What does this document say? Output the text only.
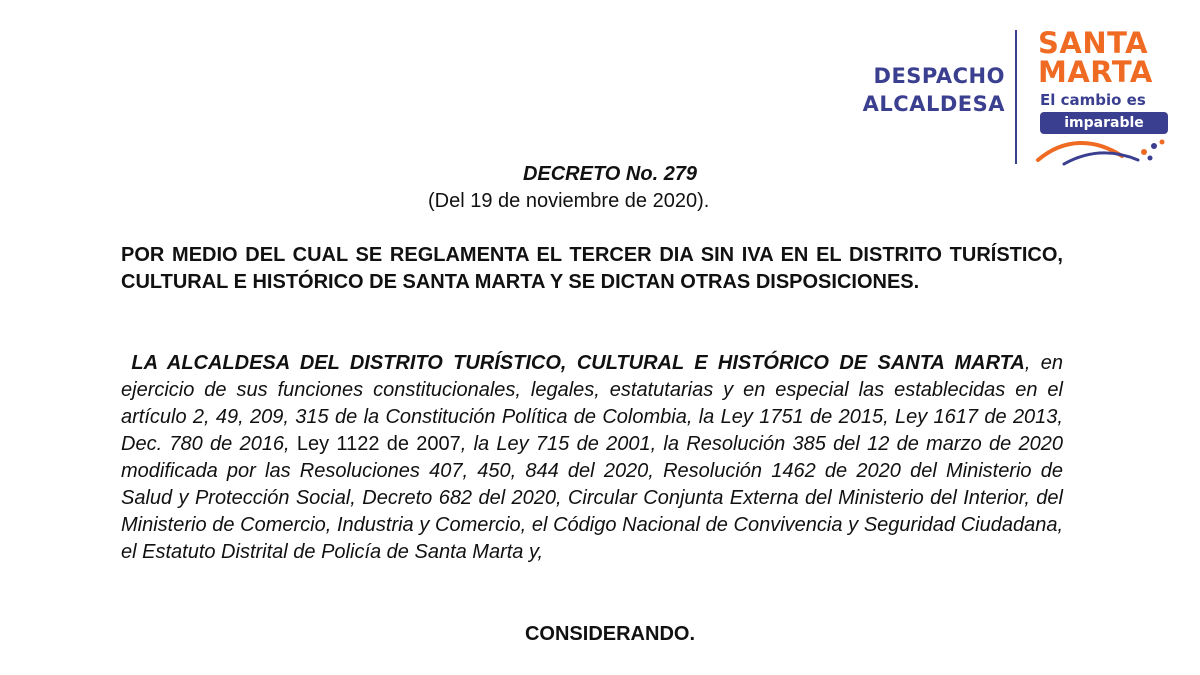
DESPACHO
ALCALDESA
SANTA
MARTA
El cambio es
imparable
DECRETO No. 279
(Del 19 de noviembre de 2020).
POR MEDIO DEL CUAL SE REGLAMENTA EL TERCER DIA SIN IVA EN EL DISTRITO TURÍSTICO, CULTURAL E HISTÓRICO DE SANTA MARTA Y SE DICTAN OTRAS DISPOSICIONES.
LA ALCALDESA DEL DISTRITO TURÍSTICO, CULTURAL E HISTÓRICO DE SANTA MARTA, en ejercicio de sus funciones constitucionales, legales, estatutarias y en especial las establecidas en el artículo 2, 49, 209, 315 de la Constitución Política de Colombia, la Ley 1751 de 2015, Ley 1617 de 2013, Dec. 780 de 2016, Ley 1122 de 2007, la Ley 715 de 2001, la Resolución 385 del 12 de marzo de 2020 modificada por las Resoluciones 407, 450, 844 del 2020, Resolución 1462 de 2020 del Ministerio de Salud y Protección Social, Decreto 682 del 2020, Circular Conjunta Externa del Ministerio del Interior, del Ministerio de Comercio, Industria y Comercio, el Código Nacional de Convivencia y Seguridad Ciudadana, el Estatuto Distrital de Policía de Santa Marta y,
CONSIDERANDO.
